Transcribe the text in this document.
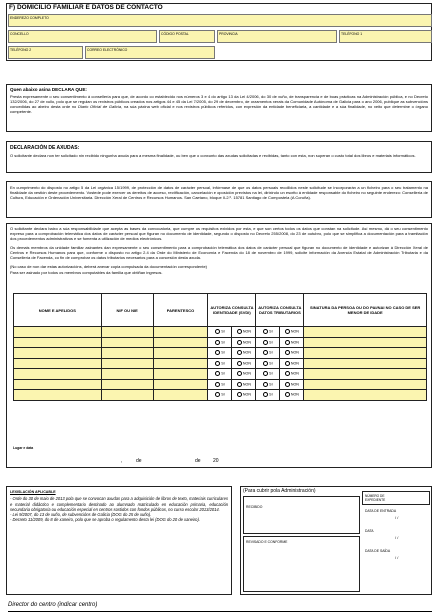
F) DOMICILIO FAMILIAR E DATOS DE CONTACTO
ENDEREZO COMPLETO
CONCELLO	CÓDIGO POSTAL	PROVINCIA	TELÉFONO 1
TELÉFONO 2	CORREO ELECTRÓNICO
Quen abaixo asina DECLARA QUE:
Presta expresamente o seu consentimento á consellería para que, de acordo co establecido nos números 3 e 4 do artigo 13 da Lei 4/2006, do 30 de xuño, de transparencia e de boas prácticas na Administración pública, e no Decreto 132/2006, do 27 de xullo, polo que se regulan os rexistros públicos creados nos artigos 44 e 45 da Lei 7/2005, do 29 de decembro, de orzamentos xerais da Comunidade Autónoma de Galicia para o ano 2006, publique as subvencións concedidas ao abeiro desta orde no Diario Oficial de Galicia, na súa páxina web oficial e nos rexistros públicos referidos, con expresión da entidade beneficiaria, a cantidade e a súa finalidade, no xeito que determine o órgano competente.
DECLARACIÓN DE AXUDAS:
O solicitante declara non ter solicitado nin recibido ningunha axuda para a mesma finalidade, ou ben que o conxunto das axudas solicitadas e recibidas, tanto con esta, non superan o custo total dos libros e materiais informáticos.
En cumprimento do disposto no artigo 5 da Lei orgánica 15/1999, de protección de datos de carácter persoal, infórmase de que os datos persoais recollidos neste solicitude se incorporarán a un ficheiro para o seu tratamento na finalidade da xestión deste procedemento. Vostede pode exercer os dereitos de acceso, rectificación, cancelación e oposición previstos na lei, dirixindo un escrito á entidade responsable do ficheiro no seguinte enderezo: Consellería de Cultura, Educación e Ordenación Universitaria. Dirección Xeral de Centros e Recursos Humanos. San Caetano, bloque II-2.º. 15781 Santiago de Compostela (A Coruña).
O solicitante declara baixo a súa responsabilidade que acepta as bases da convocatoria, que cumpre os requisitos exixidos por esta, e que son certos todos os datos que constan na solicitude. Así mesmo, dá o seu consentimento expreso para a comprobación telemática dos datos de carácter persoal que figuran no documento de identidade, segundo o disposto no Decreto 255/2008, do 23 de outubro, polo que se simplifica a documentación para a tramitación dos procedementos administrativos e se fomenta a utilización de medios electrónicos.
Os demais membros da unidade familiar asinantes dan expresamente o seu consentimento para a comprobación telemática dos datos de carácter persoal que figuran no documento de identidade e autorizan á Dirección Xeral de Centros e Recursos Humanos para que, conforme o disposto no artigo 2.4 da Orde do Ministerio de Economía e Facenda do 18 de novembro de 1999, solicite información da Axencia Estatal de Administración Tributaria e da Consellería de Facenda, co fin de comprobar os datos tributarios necesarios para a concesión desta axuda.
(No caso de non dar estas autorizacións, deberá anexar copia compulsada da documentación correspondente)
Para ser asinado por todos os membros computables da familia que obtiñan ingresos.
NOME E APELIDOS	NIF OU NIE	PARENTESCO	AUTORIZA CONSULTA IDENTIDADE (SVDI)		AUTORIZA CONSULTA DATOS TRIBUTARIOS		SINATURA DA PERSOA OU DO PAI/NAI NO CASO DE SER MENOR DE IDADE
			SI	NON	SI	NON	
			SI	NON	SI	NON	
			SI	NON	SI	NON	
			SI	NON	SI	NON	
			SI	NON	SI	NON	
			SI	NON	SI	NON	
			SI	NON	SI	NON	
Lugar e data
,	de	de 20
LEXISLACIÓN APLICABLE
- Orde do 30 de maio de 2013 pola que se convocan axudas para a adquisición de libros de texto, materiais curriculares e material didáctico e complementario destinado ao alumnado matriculado en educación primaria, educación secundaria obrigatoria ou educación especial en centros sostidos con fondos públicos, no curso escolar 2013/2014.
- Lei 9/2007, do 13 de xuño, de subvencións de Galicia (DOG do 25 de xuño).
- Decreto 11/2009, do 8 de xaneiro, polo que se aproba o regulamento desta lei (DOG do 20 de xaneiro).
(Para cubrir pola Administración)
RECIBIDO
REVISADO E CONFORME
NÚMERO DE EXPEDIENTE
DATA DE ENTRADA
/ /
DATA
/ /
DATA DE SAÍDA
/ /
Director do centro (indicar centro)
